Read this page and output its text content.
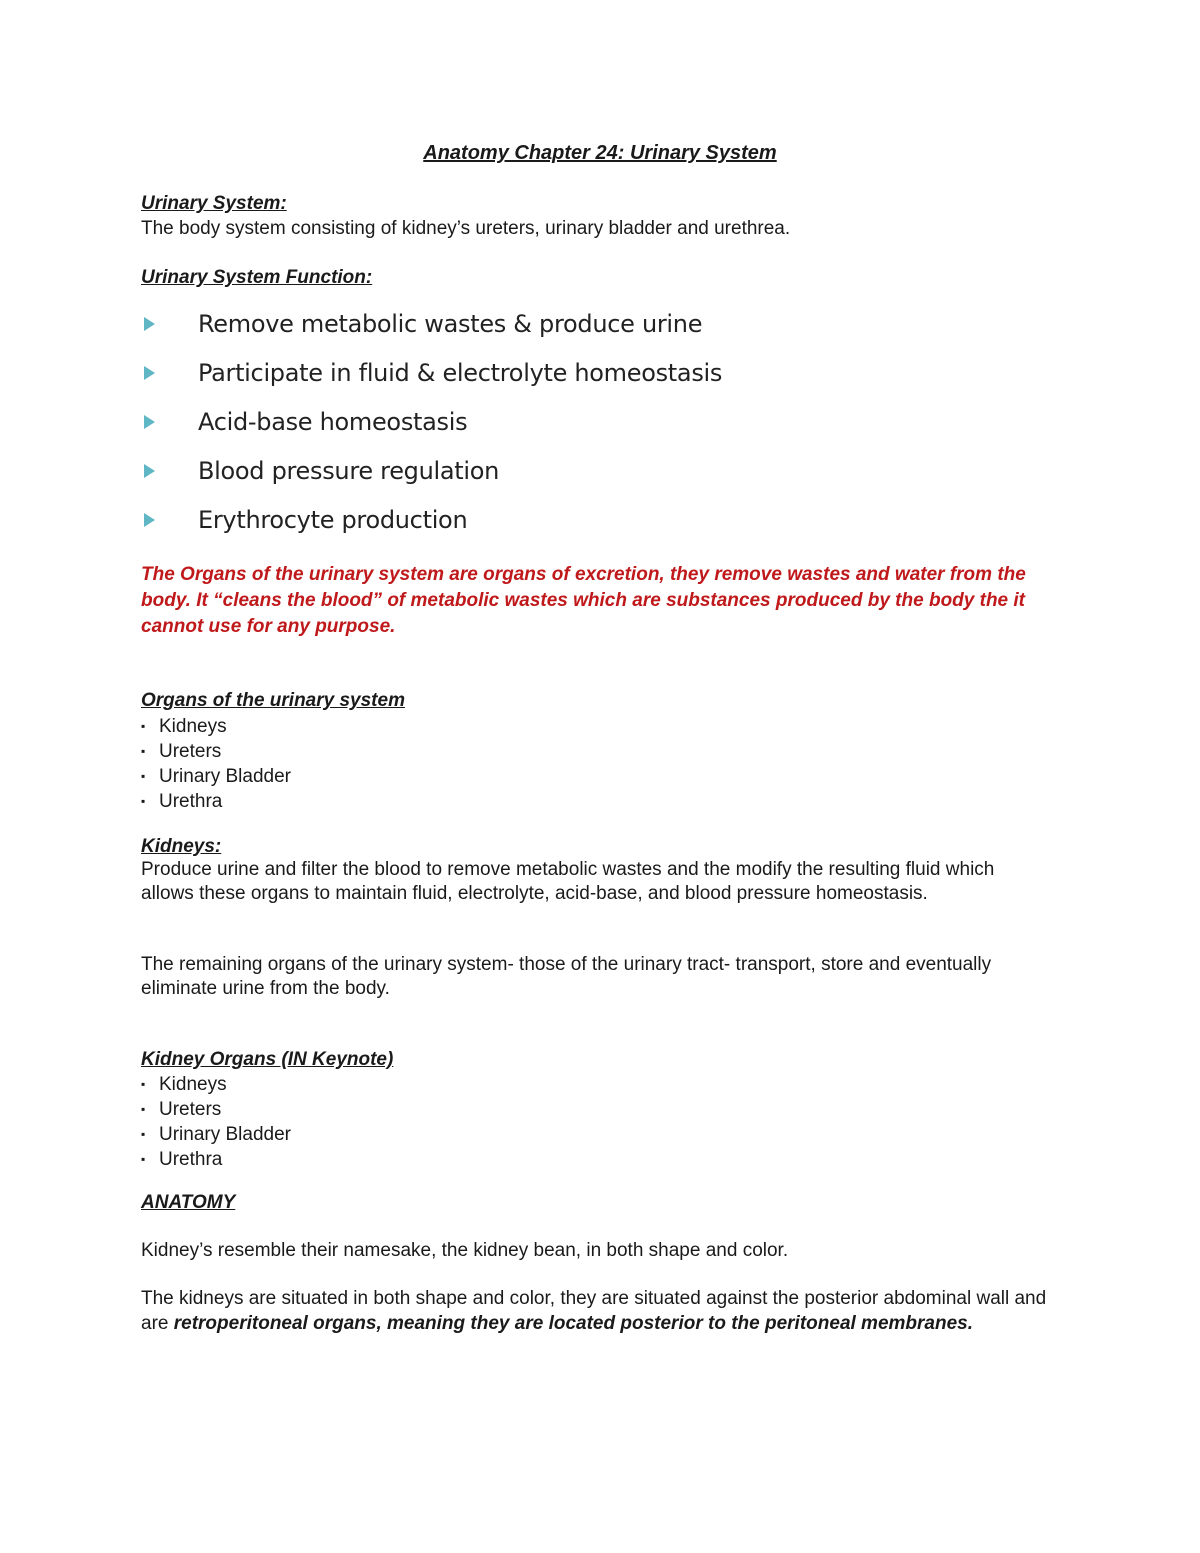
Anatomy Chapter 24: Urinary System
Urinary System:
The body system consisting of kidney’s ureters, urinary bladder and urethrea.
Urinary System Function:
Remove metabolic wastes & produce urine
Participate in fluid & electrolyte homeostasis
Acid-base homeostasis
Blood pressure regulation
Erythrocyte production
The Organs of the urinary system are organs of excretion, they remove wastes and water from the body. It “cleans the blood” of metabolic wastes which are substances produced by the body the it cannot use for any purpose.
Organs of the urinary system
▪ Kidneys
▪ Ureters
▪ Urinary Bladder
▪ Urethra
Kidneys:
Produce urine and filter the blood to remove metabolic wastes and the modify the resulting fluid which allows these organs to maintain fluid, electrolyte, acid-base, and blood pressure homeostasis.
The remaining organs of the urinary system- those of the urinary tract- transport, store and eventually eliminate urine from the body.
Kidney Organs (IN Keynote)
▪ Kidneys
▪ Ureters
▪ Urinary Bladder
▪ Urethra
ANATOMY
Kidney’s resemble their namesake, the kidney bean, in both shape and color.
The kidneys are situated in both shape and color, they are situated against the posterior abdominal wall and are retroperitoneal organs, meaning they are located posterior to the peritoneal membranes.
